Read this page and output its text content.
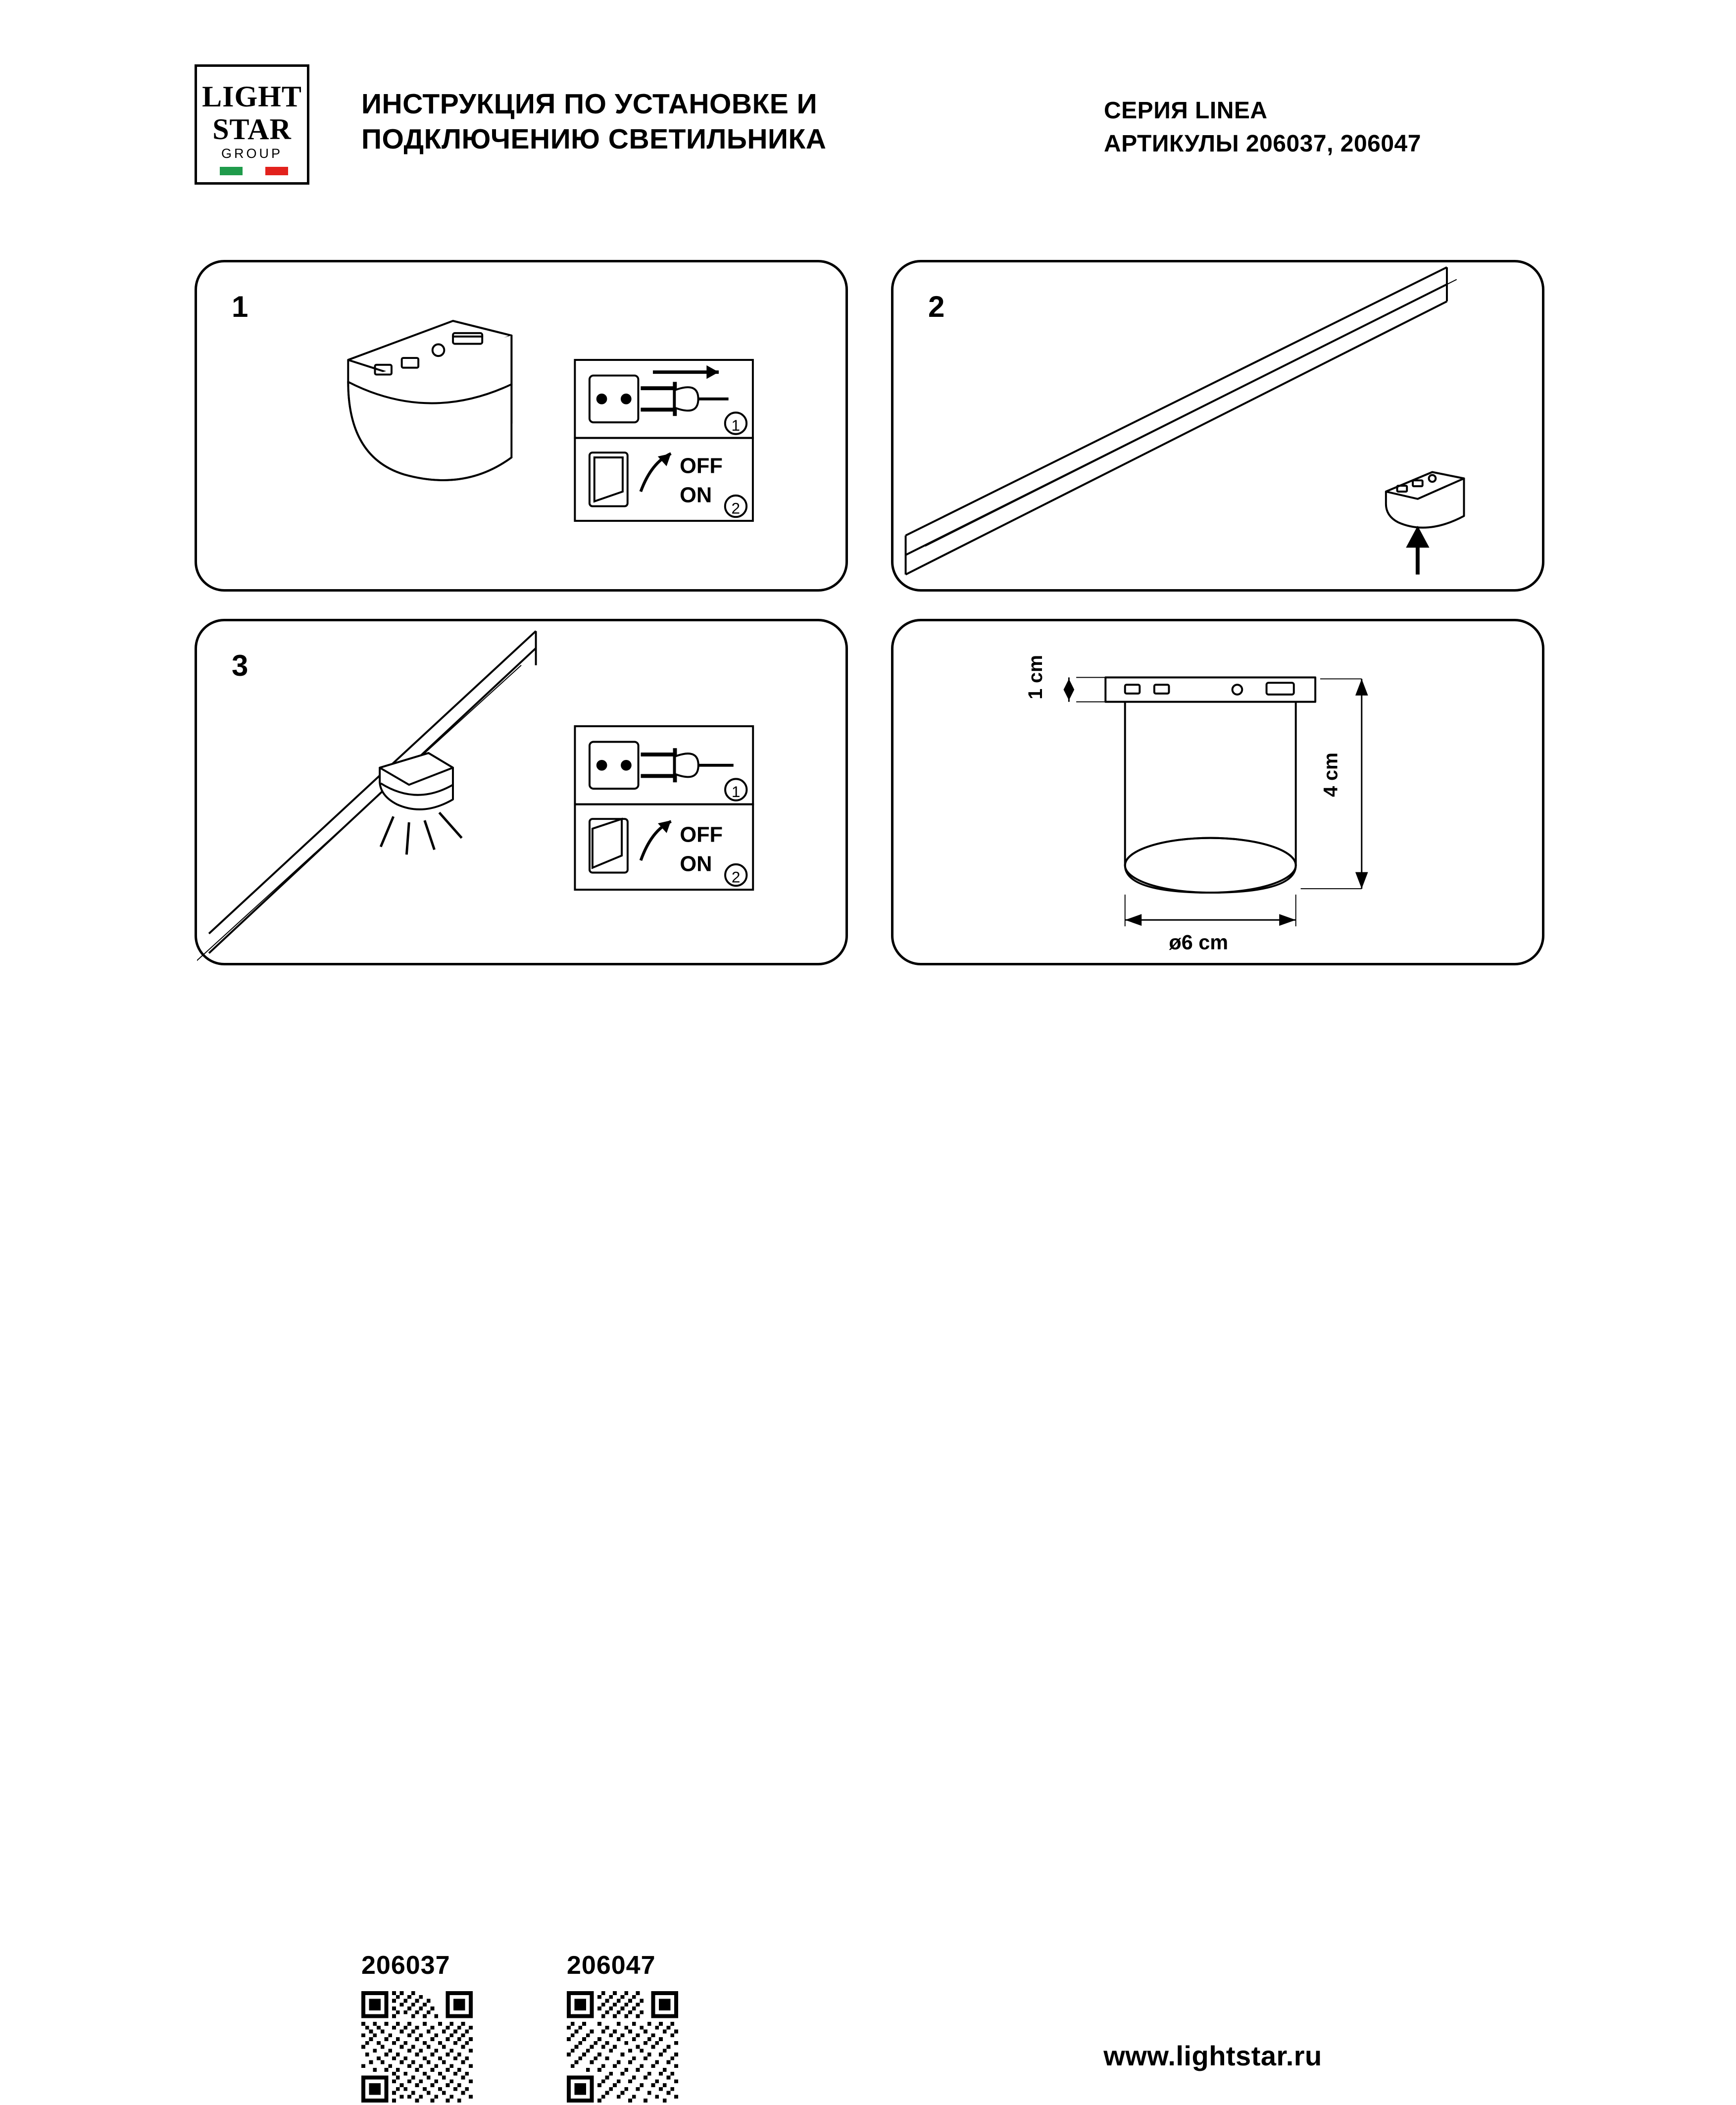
LIGHT
STAR
GROUP
ИНСТРУКЦИЯ ПО УСТАНОВКЕ И
ПОДКЛЮЧЕНИЮ СВЕТИЛЬНИКА
СЕРИЯ LINEA
АРТИКУЛЫ 206037, 206047
1
OFF
ON
1
2
2
3
OFF
ON
1
2
1 cm
4 cm
ø6 cm
206037	206047
www.lightstar.ru
